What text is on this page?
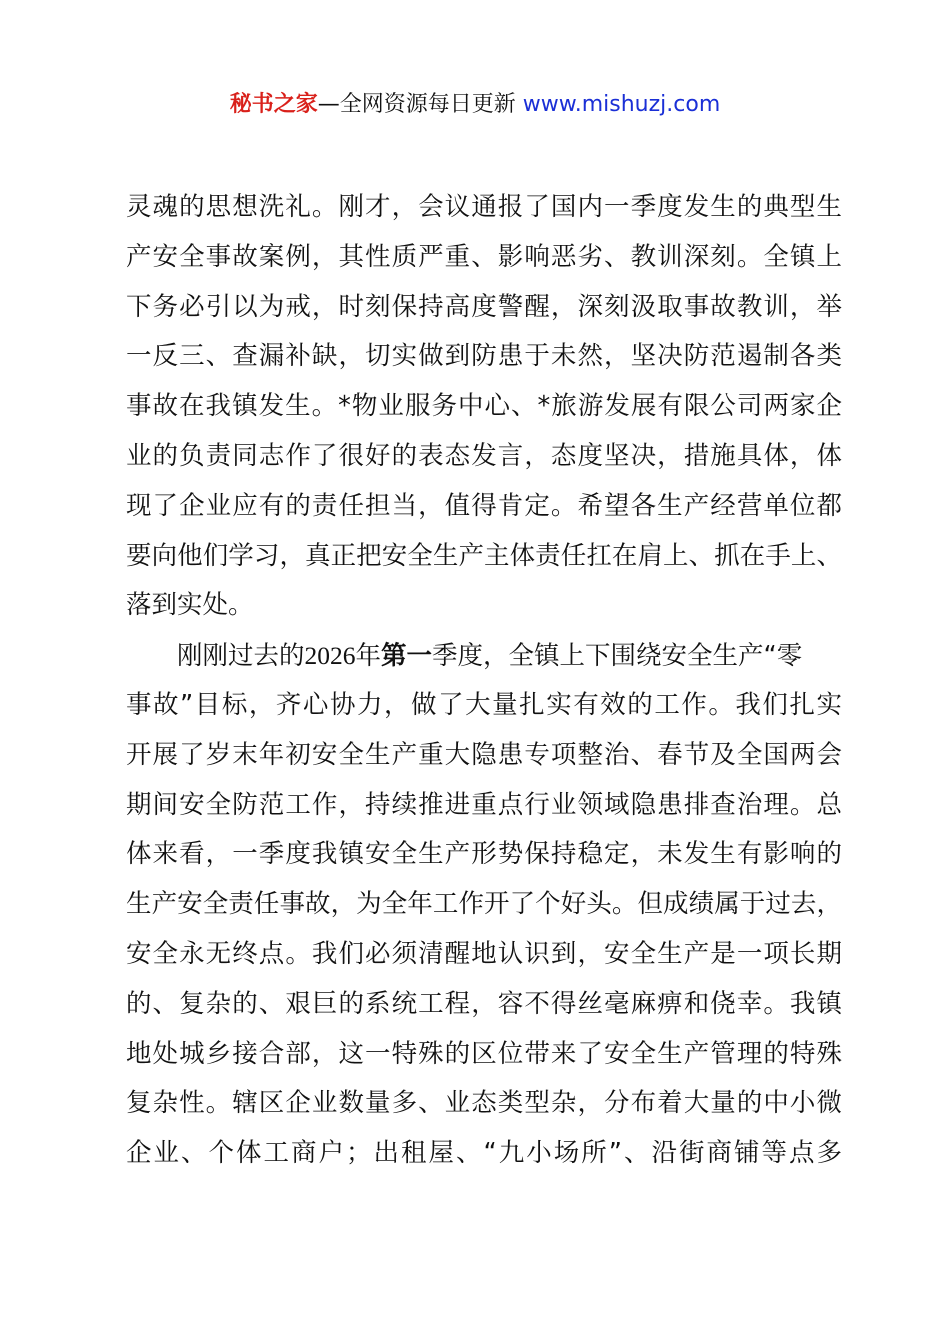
秘书之家—全网资源每日更新 www.mishuzj.com
灵魂的思想洗礼。刚才，会议通报了国内一季度发生的典型生
产安全事故案例，其性质严重、影响恶劣、教训深刻。全镇上
下务必引以为戒，时刻保持高度警醒，深刻汲取事故教训，举
一反三、查漏补缺，切实做到防患于未然，坚决防范遏制各类
事故在我镇发生。*物业服务中心、*旅游发展有限公司两家企
业的负责同志作了很好的表态发言，态度坚决，措施具体，体
现了企业应有的责任担当，值得肯定。希望各生产经营单位都
要向他们学习，真正把安全生产主体责任扛在肩上、抓在手上、
落到实处。
刚刚过去的2026年第一季度，全镇上下围绕安全生产“零
事故”目标，齐心协力，做了大量扎实有效的工作。我们扎实
开展了岁末年初安全生产重大隐患专项整治、春节及全国两会
期间安全防范工作，持续推进重点行业领域隐患排查治理。总
体来看，一季度我镇安全生产形势保持稳定，未发生有影响的
生产安全责任事故，为全年工作开了个好头。但成绩属于过去，
安全永无终点。我们必须清醒地认识到，安全生产是一项长期
的、复杂的、艰巨的系统工程，容不得丝毫麻痹和侥幸。我镇
地处城乡接合部，这一特殊的区位带来了安全生产管理的特殊
复杂性。辖区企业数量多、业态类型杂，分布着大量的中小微
企业、个体工商户；出租屋、“九小场所”、沿街商铺等点多
